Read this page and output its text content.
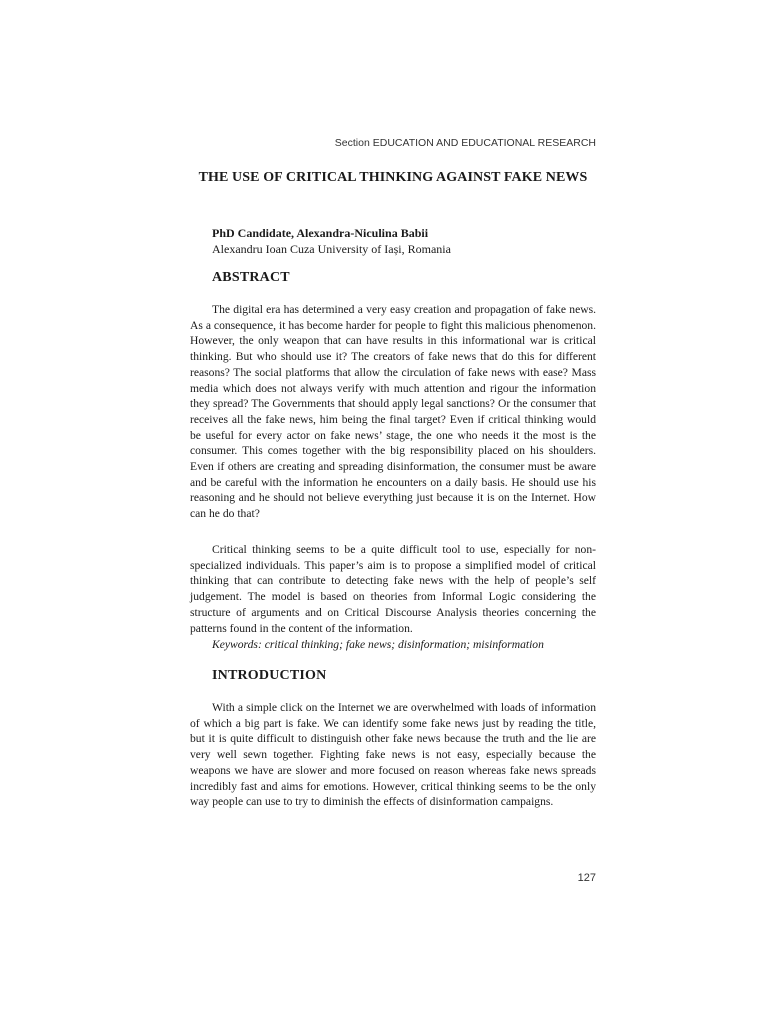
Section EDUCATION AND EDUCATIONAL RESEARCH
THE USE OF CRITICAL THINKING AGAINST FAKE NEWS
PhD Candidate, Alexandra-Niculina Babii
Alexandru Ioan Cuza University of Iași, Romania
ABSTRACT
The digital era has determined a very easy creation and propagation of fake news. As a consequence, it has become harder for people to fight this malicious phenomenon. However, the only weapon that can have results in this informational war is critical thinking. But who should use it? The creators of fake news that do this for different reasons? The social platforms that allow the circulation of fake news with ease? Mass media which does not always verify with much attention and rigour the information they spread? The Governments that should apply legal sanctions? Or the consumer that receives all the fake news, him being the final target? Even if critical thinking would be useful for every actor on fake news’ stage, the one who needs it the most is the consumer. This comes together with the big responsibility placed on his shoulders. Even if others are creating and spreading disinformation, the consumer must be aware and be careful with the information he encounters on a daily basis. He should use his reasoning and he should not believe everything just because it is on the Internet. How can he do that?
Critical thinking seems to be a quite difficult tool to use, especially for non-specialized individuals. This paper’s aim is to propose a simplified model of critical thinking that can contribute to detecting fake news with the help of people’s self judgement. The model is based on theories from Informal Logic considering the structure of arguments and on Critical Discourse Analysis theories concerning the patterns found in the content of the information.
Keywords: critical thinking; fake news; disinformation; misinformation
INTRODUCTION
With a simple click on the Internet we are overwhelmed with loads of information of which a big part is fake. We can identify some fake news just by reading the title, but it is quite difficult to distinguish other fake news because the truth and the lie are very well sewn together. Fighting fake news is not easy, especially because the weapons we have are slower and more focused on reason whereas fake news spreads incredibly fast and aims for emotions. However, critical thinking seems to be the only way people can use to try to diminish the effects of disinformation campaigns.
127
